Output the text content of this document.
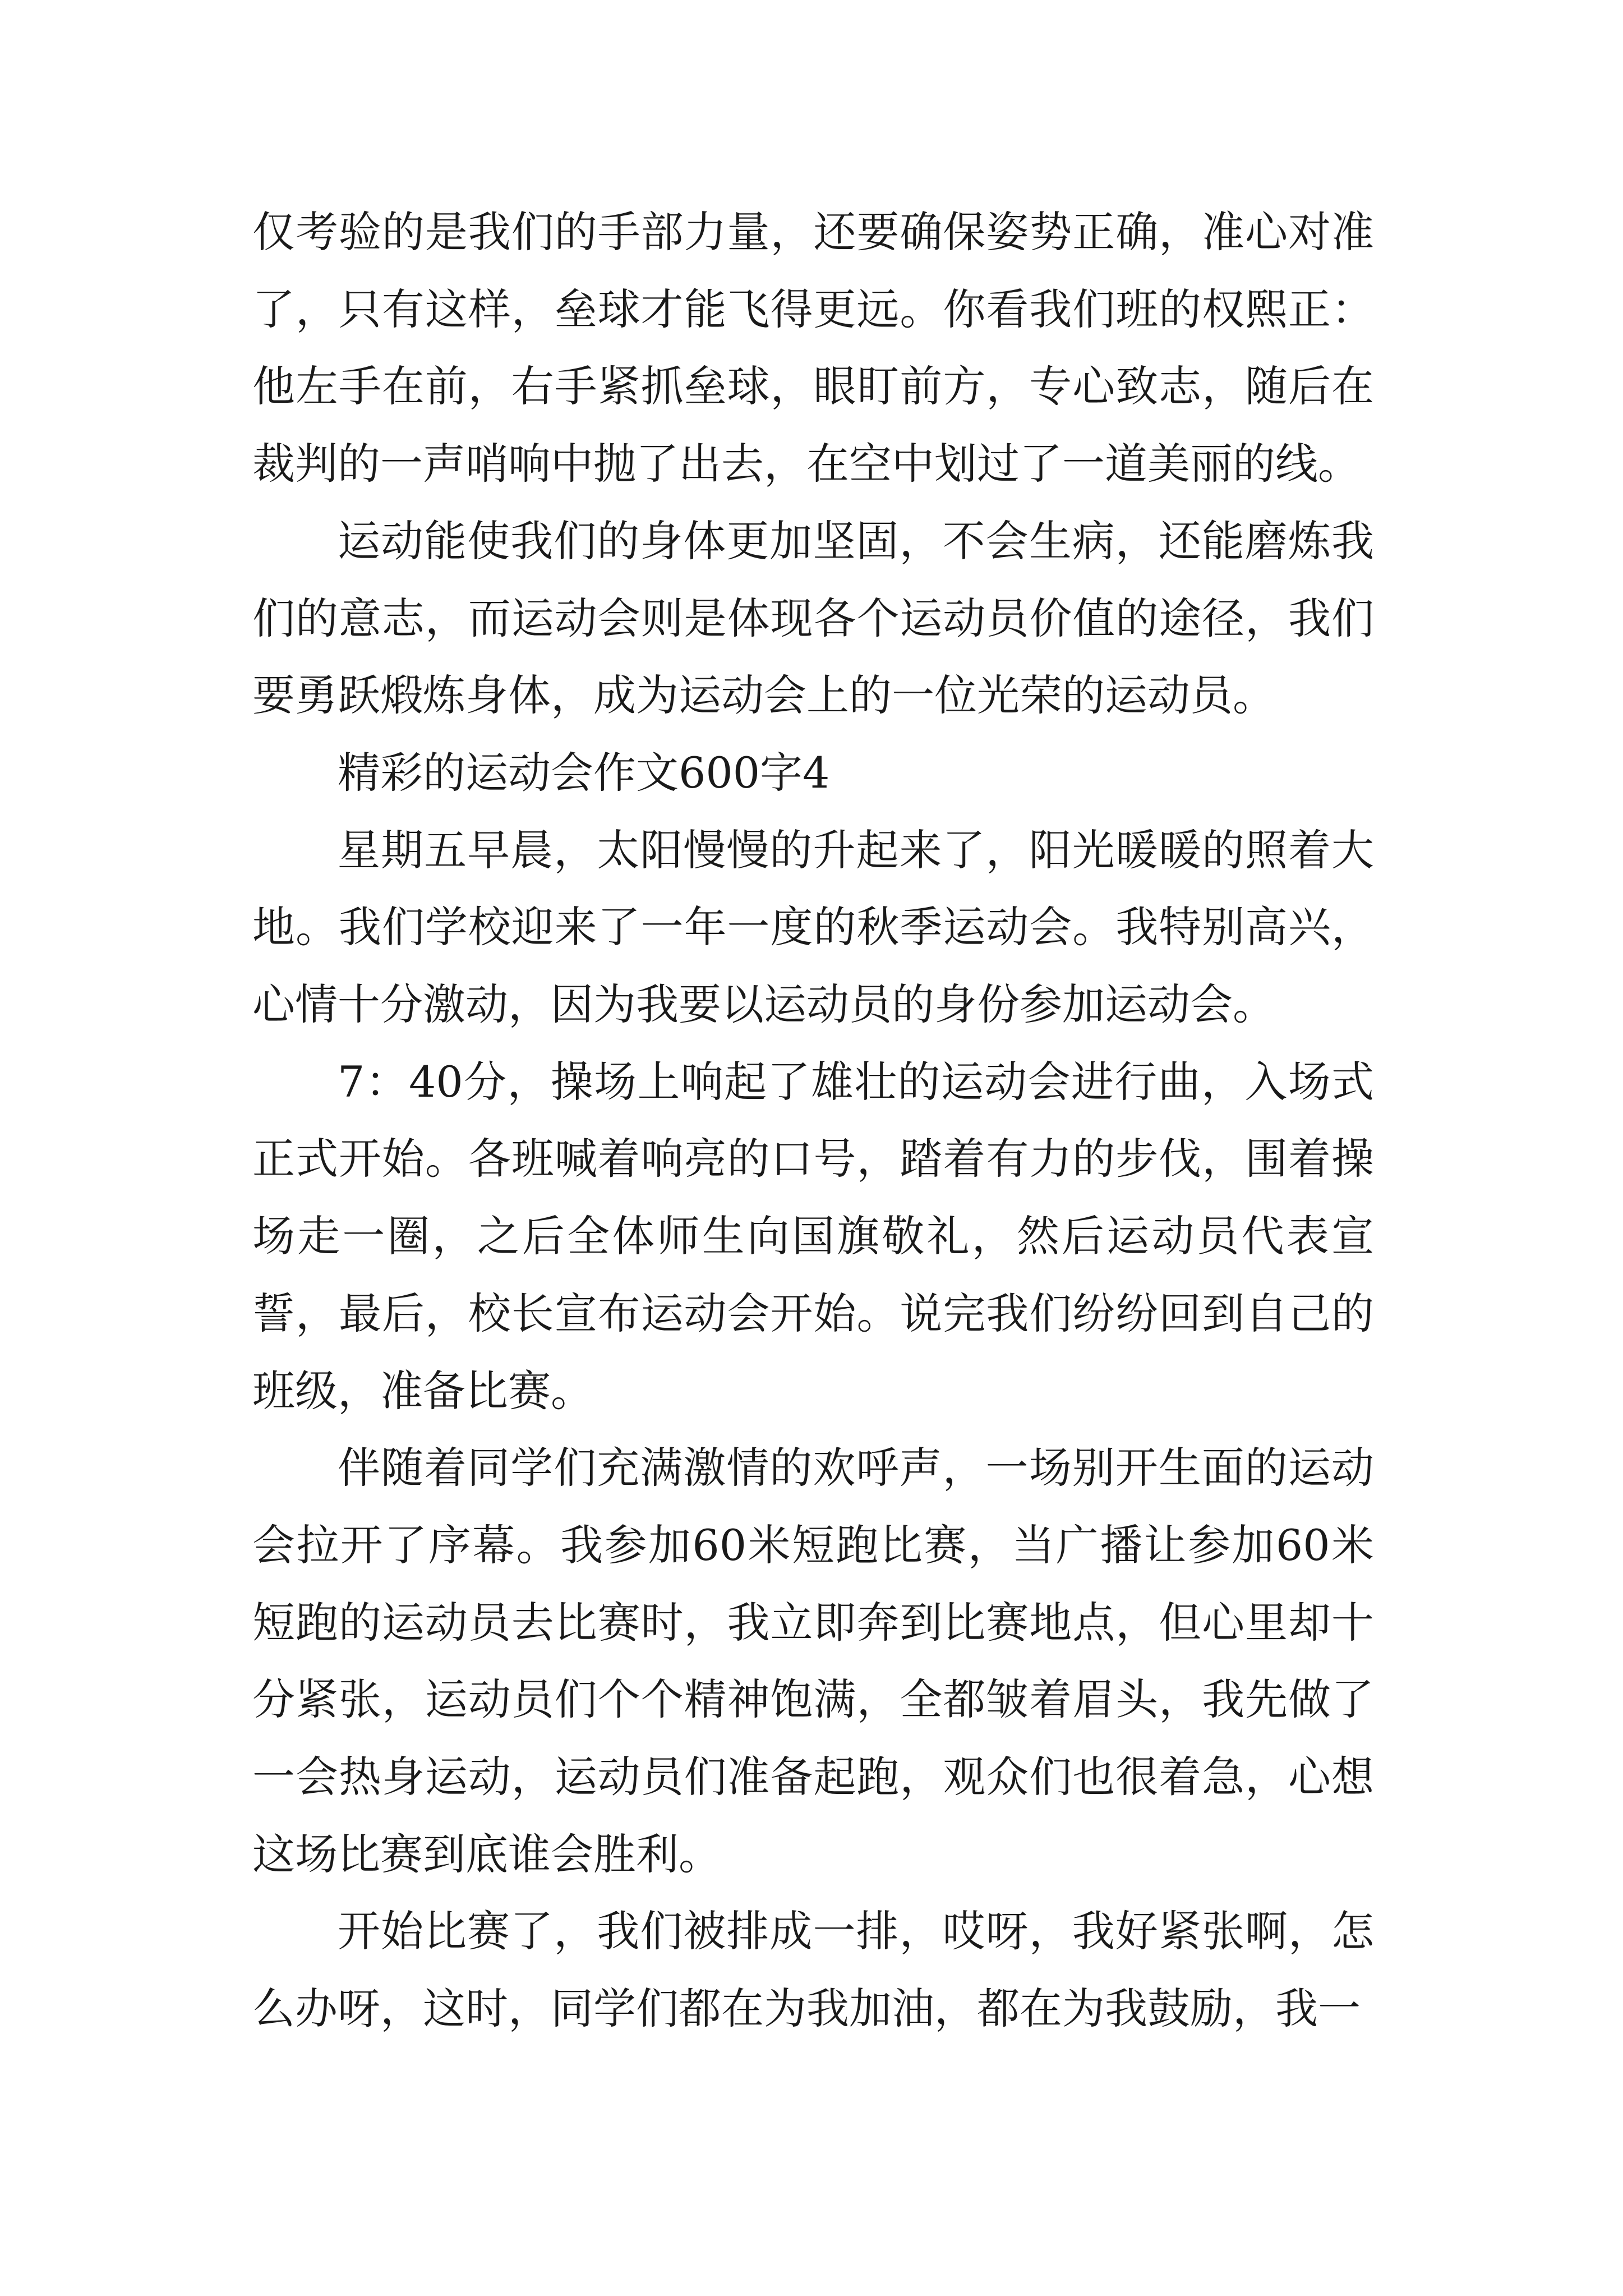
仅考验的是我们的手部力量，还要确保姿势正确，准心对准了，只有这样，垒球才能飞得更远。你看我们班的权熙正：他左手在前，右手紧抓垒球，眼盯前方，专心致志，随后在裁判的一声哨响中抛了出去，在空中划过了一道美丽的线。

运动能使我们的身体更加坚固，不会生病，还能磨炼我们的意志，而运动会则是体现各个运动员价值的途径，我们要勇跃煅炼身体，成为运动会上的一位光荣的运动员。

精彩的运动会作文600字4

星期五早晨，太阳慢慢的升起来了，阳光暖暖的照着大地。我们学校迎来了一年一度的秋季运动会。我特别高兴，心情十分激动，因为我要以运动员的身份参加运动会。

7：40分，操场上响起了雄壮的运动会进行曲，入场式正式开始。各班喊着响亮的口号，踏着有力的步伐，围着操场走一圈，之后全体师生向国旗敬礼，然后运动员代表宣誓，最后，校长宣布运动会开始。说完我们纷纷回到自己的班级，准备比赛。

伴随着同学们充满激情的欢呼声，一场别开生面的运动会拉开了序幕。我参加60米短跑比赛，当广播让参加60米短跑的运动员去比赛时，我立即奔到比赛地点，但心里却十分紧张，运动员们个个精神饱满，全都皱着眉头，我先做了一会热身运动，运动员们准备起跑，观众们也很着急，心想这场比赛到底谁会胜利。

开始比赛了，我们被排成一排，哎呀，我好紧张啊，怎么办呀，这时，同学们都在为我加油，都在为我鼓励，我一
